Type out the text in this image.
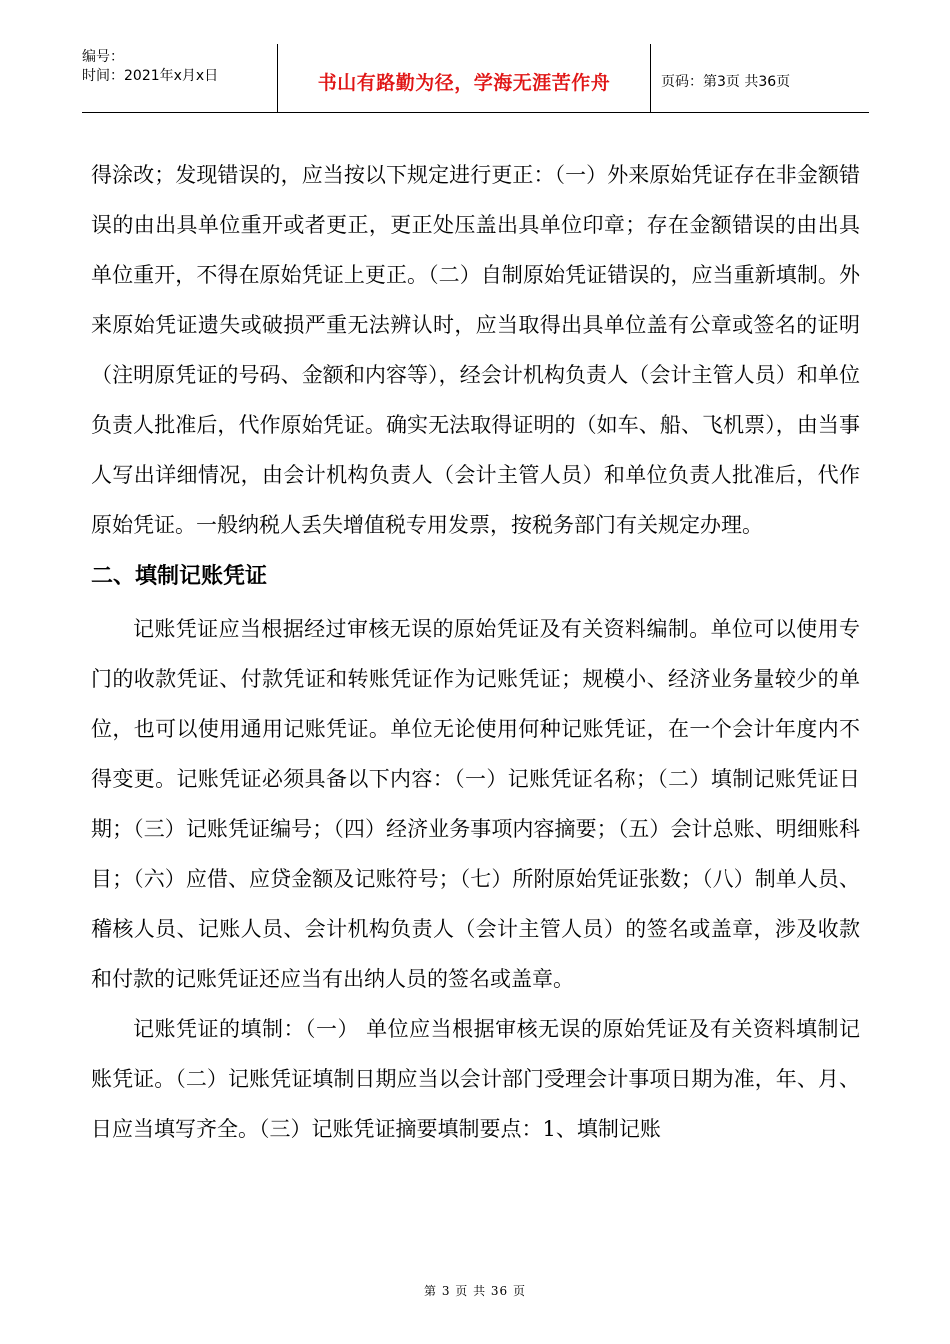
编号：
时间：2021年x月x日	书山有路勤为径，学海无涯苦作舟	页码：第3页 共36页

得涂改；发现错误的，应当按以下规定进行更正：（一）外来原始凭证存在非金额错误的由出具单位重开或者更正，更正处压盖出具单位印章；存在金额错误的由出具单位重开，不得在原始凭证上更正。（二）自制原始凭证错误的，应当重新填制。外来原始凭证遗失或破损严重无法辨认时，应当取得出具单位盖有公章或签名的证明（注明原凭证的号码、金额和内容等），经会计机构负责人（会计主管人员）和单位负责人批准后，代作原始凭证。确实无法取得证明的（如车、船、飞机票），由当事人写出详细情况，由会计机构负责人（会计主管人员）和单位负责人批准后，代作原始凭证。一般纳税人丢失增值税专用发票，按税务部门有关规定办理。

二、填制记账凭证

记账凭证应当根据经过审核无误的原始凭证及有关资料编制。单位可以使用专门的收款凭证、付款凭证和转账凭证作为记账凭证；规模小、经济业务量较少的单位，也可以使用通用记账凭证。单位无论使用何种记账凭证，在一个会计年度内不得变更。记账凭证必须具备以下内容：（一）记账凭证名称；（二）填制记账凭证日期；（三）记账凭证编号；（四）经济业务事项内容摘要；（五）会计总账、明细账科目；（六）应借、应贷金额及记账符号；（七）所附原始凭证张数；（八）制单人员、稽核人员、记账人员、会计机构负责人（会计主管人员）的签名或盖章，涉及收款和付款的记账凭证还应当有出纳人员的签名或盖章。

记账凭证的填制：（一） 单位应当根据审核无误的原始凭证及有关资料填制记账凭证。（二）记账凭证填制日期应当以会计部门受理会计事项日期为准，年、月、日应当填写齐全。（三）记账凭证摘要填制要点：1、填制记账

第 3 页 共 36 页
